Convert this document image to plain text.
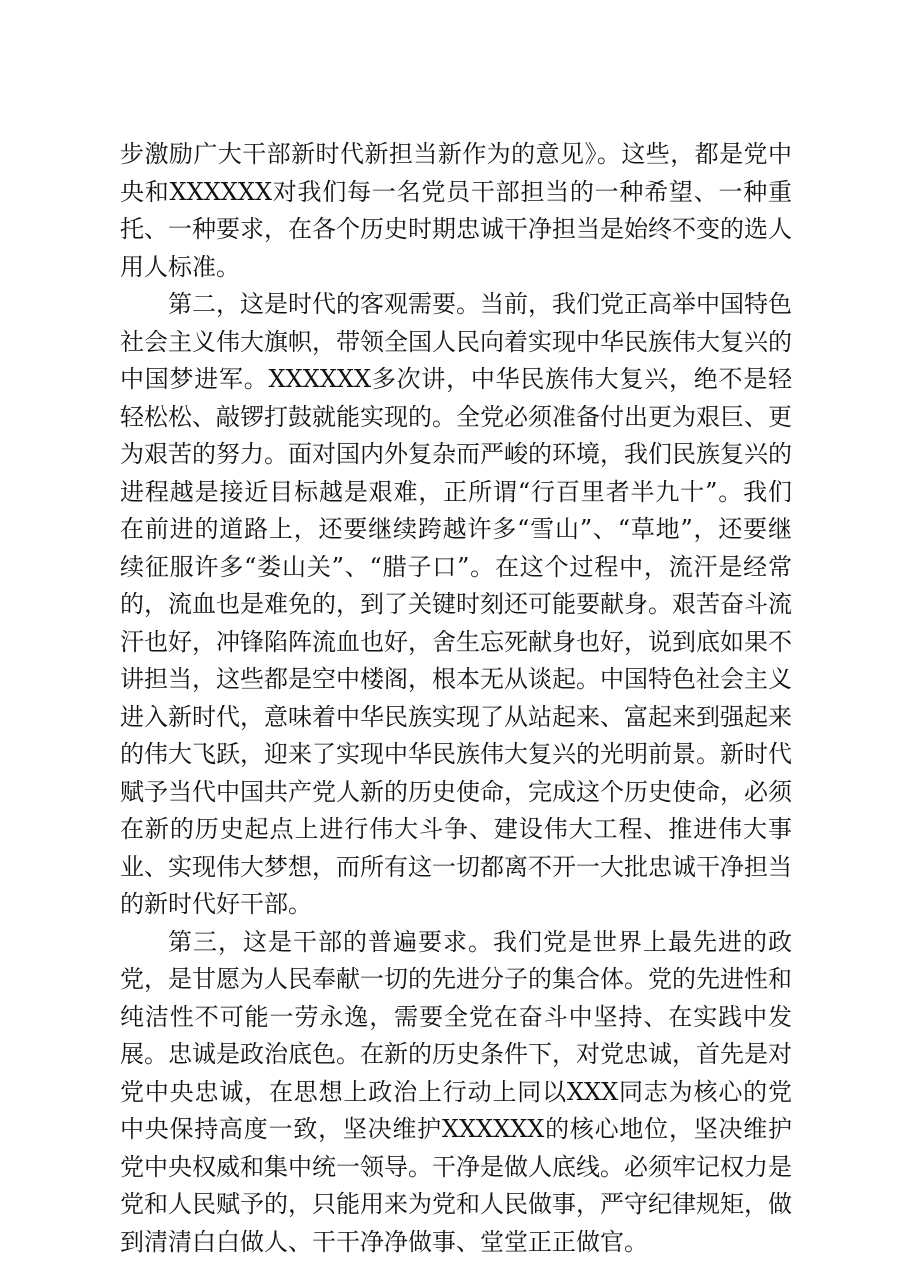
步激励广大干部新时代新担当新作为的意见》。这些，都是党中央和XXXXXX对我们每一名党员干部担当的一种希望、一种重托、一种要求，在各个历史时期忠诚干净担当是始终不变的选人用人标准。

第二，这是时代的客观需要。当前，我们党正高举中国特色社会主义伟大旗帜，带领全国人民向着实现中华民族伟大复兴的中国梦进军。XXXXXX多次讲，中华民族伟大复兴，绝不是轻轻松松、敲锣打鼓就能实现的。全党必须准备付出更为艰巨、更为艰苦的努力。面对国内外复杂而严峻的环境，我们民族复兴的进程越是接近目标越是艰难，正所谓“行百里者半九十”。我们在前进的道路上，还要继续跨越许多“雪山”、“草地”，还要继续征服许多“娄山关”、“腊子口”。在这个过程中，流汗是经常的，流血也是难免的，到了关键时刻还可能要献身。艰苦奋斗流汗也好，冲锋陷阵流血也好，舍生忘死献身也好，说到底如果不讲担当，这些都是空中楼阁，根本无从谈起。中国特色社会主义进入新时代，意味着中华民族实现了从站起来、富起来到强起来的伟大飞跃，迎来了实现中华民族伟大复兴的光明前景。新时代赋予当代中国共产党人新的历史使命，完成这个历史使命，必须在新的历史起点上进行伟大斗争、建设伟大工程、推进伟大事业、实现伟大梦想，而所有这一切都离不开一大批忠诚干净担当的新时代好干部。

第三，这是干部的普遍要求。我们党是世界上最先进的政党，是甘愿为人民奉献一切的先进分子的集合体。党的先进性和纯洁性不可能一劳永逸，需要全党在奋斗中坚持、在实践中发展。忠诚是政治底色。在新的历史条件下，对党忠诚，首先是对党中央忠诚，在思想上政治上行动上同以XXX同志为核心的党中央保持高度一致，坚决维护XXXXXX的核心地位，坚决维护党中央权威和集中统一领导。干净是做人底线。必须牢记权力是党和人民赋予的，只能用来为党和人民做事，严守纪律规矩，做到清清白白做人、干干净净做事、堂堂正正做官。
